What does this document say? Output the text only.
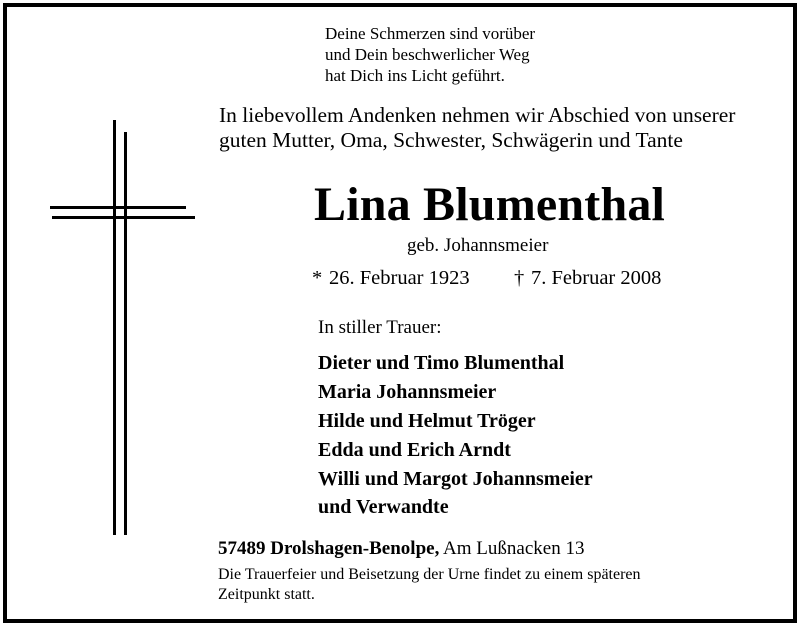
Deine Schmerzen sind vorüber
und Dein beschwerlicher Weg
hat Dich ins Licht geführt.
In liebevollem Andenken nehmen wir Abschied von unserer
guten Mutter, Oma, Schwester, Schwägerin und Tante
Lina Blumenthal
geb. Johannsmeier
* 26. Februar 1923 † 7. Februar 2008
In stiller Trauer:
Dieter und Timo Blumenthal
Maria Johannsmeier
Hilde und Helmut Tröger
Edda und Erich Arndt
Willi und Margot Johannsmeier
und Verwandte
57489 Drolshagen-Benolpe, Am Lußnacken 13
Die Trauerfeier und Beisetzung der Urne findet zu einem späteren
Zeitpunkt statt.
